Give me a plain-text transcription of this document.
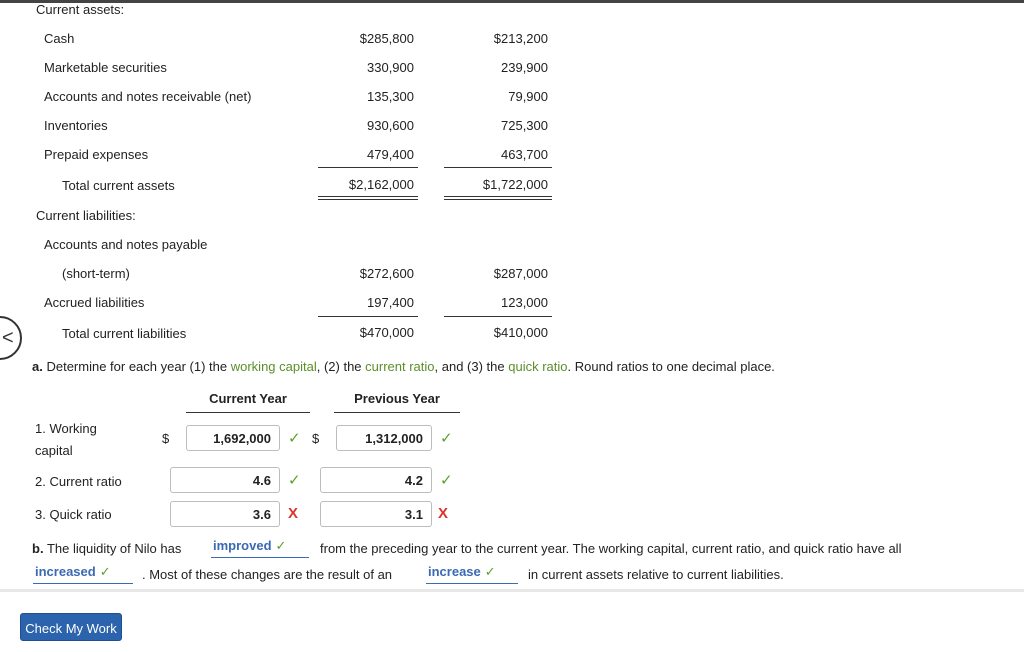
Current assets:
Cash	$285,800	$213,200
Marketable securities	330,900	239,900
Accounts and notes receivable (net)	135,300	79,900
Inventories	930,600	725,300
Prepaid expenses	479,400	463,700
Total current assets	$2,162,000	$1,722,000
Current liabilities:
Accounts and notes payable
(short-term)	$272,600	$287,000
Accrued liabilities	197,400	123,000
Total current liabilities	$470,000	$410,000
<
a. Determine for each year (1) the working capital, (2) the current ratio, and (3) the quick ratio. Round ratios to one decimal place.
Current Year	Previous Year
1. Working
capital
$	1,692,000	✓ $	1,312,000	✓
2. Current ratio	4.6	✓	4.2	✓
3. Quick ratio	3.6	X	3.1	X
b. The liquidity of Nilo has improved ✓	from the preceding year to the current year. The working capital, current ratio, and quick ratio have all
increased ✓	. Most of these changes are the result of an	increase ✓	in current assets relative to current liabilities.
Check My Work
